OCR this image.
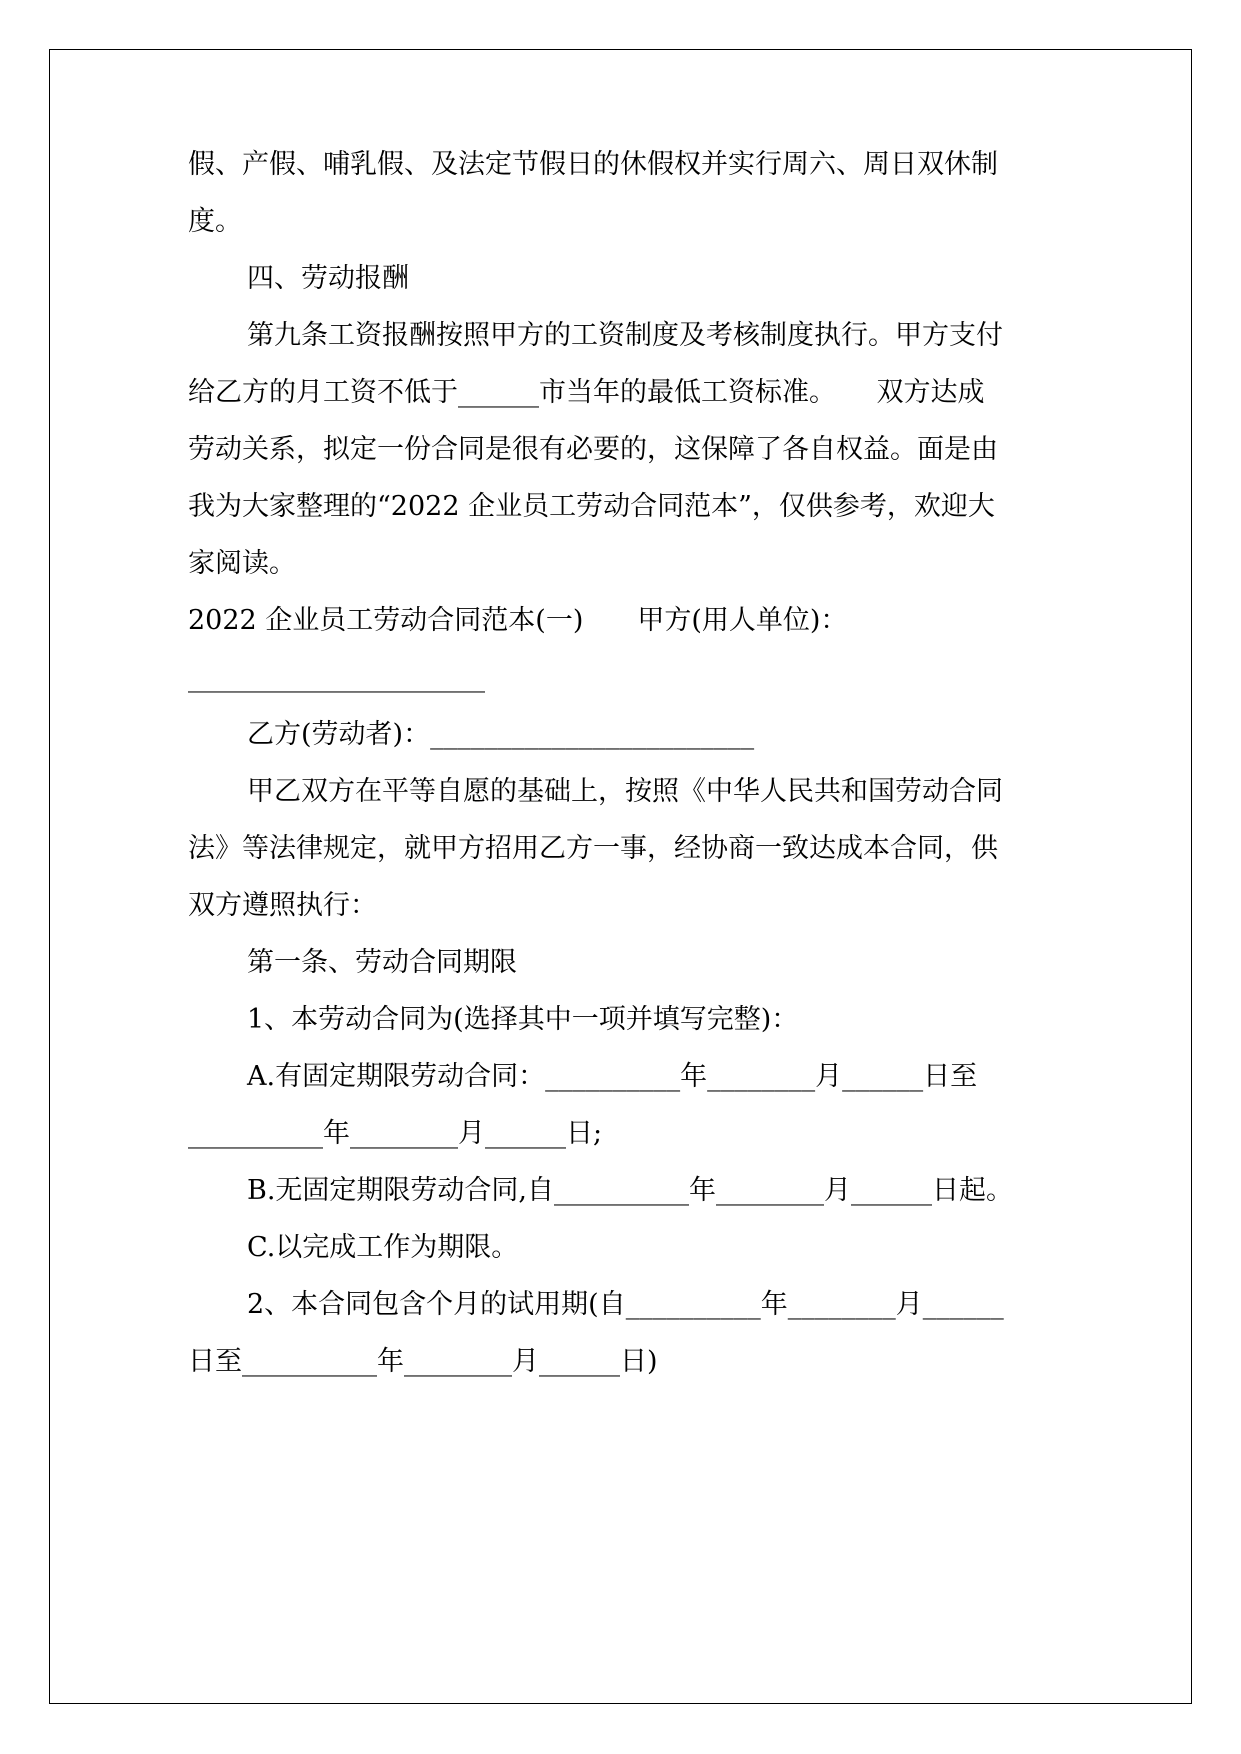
假、产假、哺乳假、及法定节假日的休假权并实行周六、周日双休制
度。
四、劳动报酬
第九条工资报酬按照甲方的工资制度及考核制度执行。甲方支付
给乙方的月工资不低于______市当年的最低工资标准。　　双方达成
劳动关系，拟定一份合同是很有必要的，这保障了各自权益。面是由
我为大家整理的“2022 企业员工劳动合同范本”，仅供参考，欢迎大
家阅读。
2022 企业员工劳动合同范本(一)　　甲方(用人单位)：
______________________
乙方(劳动者)：________________________
甲乙双方在平等自愿的基础上，按照《中华人民共和国劳动合同
法》等法律规定，就甲方招用乙方一事，经协商一致达成本合同，供
双方遵照执行：
第一条、劳动合同期限
1、本劳动合同为(选择其中一项并填写完整)：
A.有固定期限劳动合同：__________年________月______日至
__________年________月______日;
B.无固定期限劳动合同,自__________年________月______日起。
C.以完成工作为期限。
2、本合同包含个月的试用期(自__________年________月______
日至__________年________月______日)
